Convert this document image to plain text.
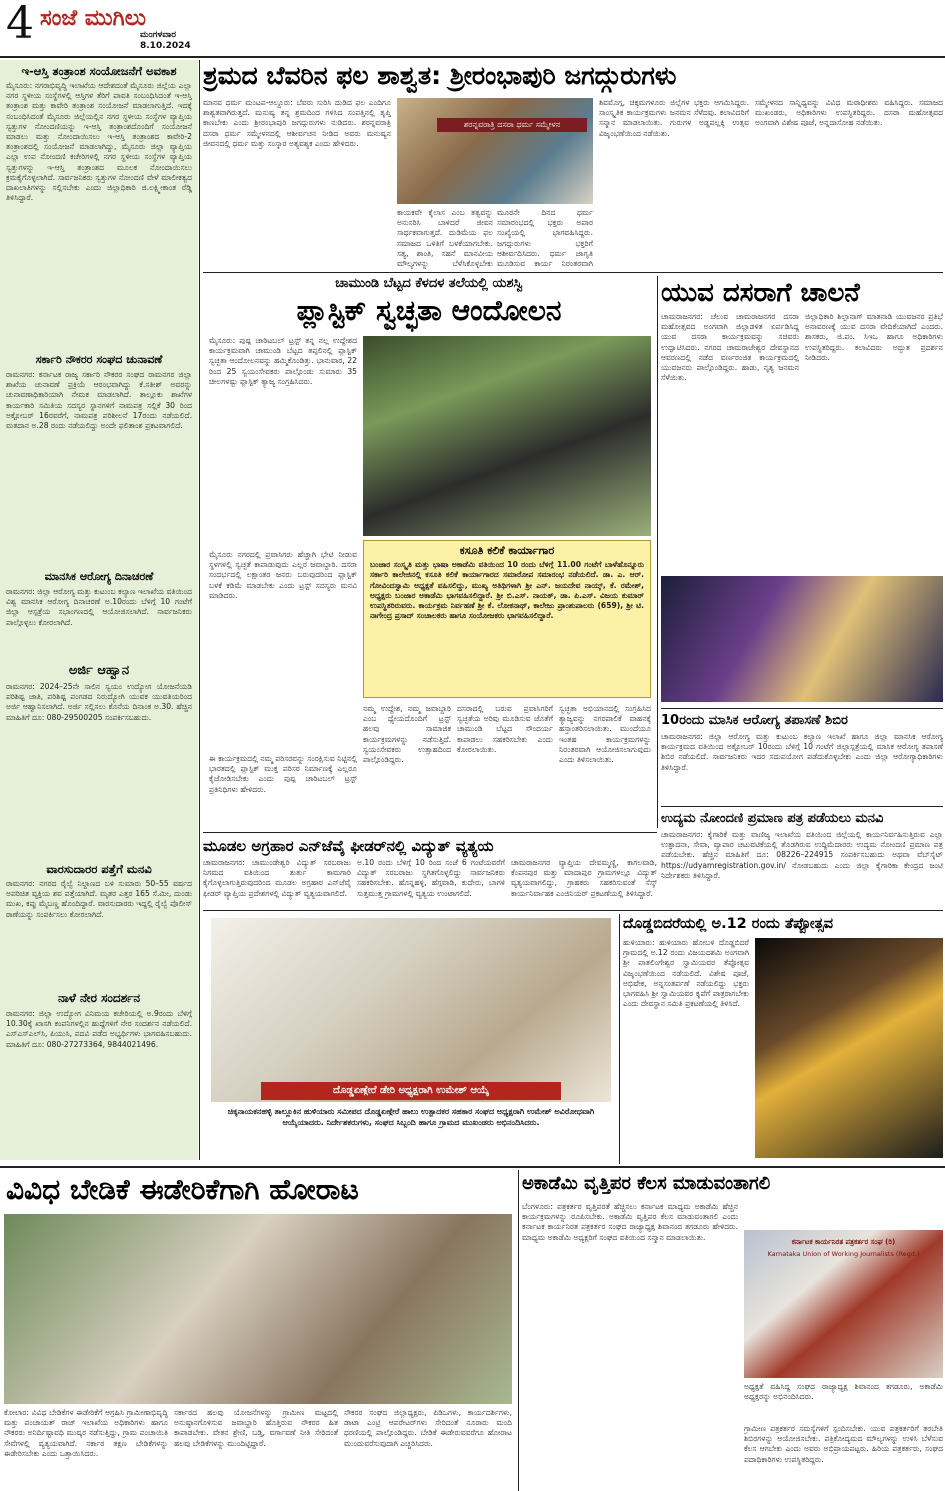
4 ಸಂಜೆ ಮುಗಿಲು
ಮಂಗಳವಾರ
8.10.2024
ಇ-ಆಸ್ತಿ ತಂತ್ರಾಂಶ ಸಂಯೋಜನೆಗೆ ಅವಕಾಶ
ಮೈಸೂರು: ನಗರಾಭಿವೃದ್ಧಿ ಇಲಾಖೆಯ ಆದೇಶದಂತೆ ಮೈಸೂರು ಜಿಲ್ಲೆಯ ಎಲ್ಲಾ ನಗರ ಸ್ಥಳೀಯ ಸಂಸ್ಥೆಗಳಲ್ಲಿ ಆಸ್ತಿಗಳ ತೆರಿಗೆ ಪಾವತಿ ಸಂಬಂಧಿಸಿದಂತೆ ಇ-ಆಸ್ತಿ ತಂತ್ರಾಂಶ ಮತ್ತು ಕಾವೇರಿ ತಂತ್ರಾಂಶ ಸಂಯೋಜನೆ ಮಾಡಲಾಗುತ್ತಿದೆ. ಇದಕ್ಕೆ ಸಂಬಂಧಿಸಿದಂತೆ ಮೈಸೂರು ಜಿಲ್ಲೆಯಲ್ಲಿನ ನಗರ ಸ್ಥಳೀಯ ಸಂಸ್ಥೆಗಳ ವ್ಯಾಪ್ತಿಯ ಸ್ವತ್ತುಗಳ ನೋಂದಣಿಯನ್ನು ಇ-ಆಸ್ತಿ ತಂತ್ರಾಂಶದೊಂದಿಗೆ ಸಂಯೋಜನೆ ಮಾಡಲು ಮತ್ತು ನೋಂದಾಯಿಸಲು ಇ-ಆಸ್ತಿ ತಂತ್ರಾಂಶದ ಕಾವೇರಿ-2 ತಂತ್ರಾಂಶದಲ್ಲಿ ಸಂಯೋಜನೆ ಮಾಡಲಾಗಿದ್ದು, ಮೈಸೂರು ಜಿಲ್ಲಾ ವ್ಯಾಪ್ತಿಯ ಎಲ್ಲಾ ಉಪ ನೋಂದಣಿ ಕಚೇರಿಗಳಲ್ಲಿ ನಗರ ಸ್ಥಳೀಯ ಸಂಸ್ಥೆಗಳ ವ್ಯಾಪ್ತಿಯ ಸ್ವತ್ತುಗಳನ್ನು ಇ-ಆಸ್ತಿ ತಂತ್ರಾಂಶದ ಮೂಲಕ ನೋಂದಾಯಿಸಲು ಕ್ರಮಕೈಗೊಳ್ಳಲಾಗಿದೆ. ಸಾರ್ವಜನಿಕರು ಸ್ವತ್ತುಗಳ ನೋಂದಣಿ ವೇಳೆ ಮಾಲೀಕತ್ವದ ದಾಖಲಾತಿಗಳನ್ನು ಸಲ್ಲಿಸಬೇಕು ಎಂದು ಜಿಲ್ಲಾಧಿಕಾರಿ ಜಿ.ಲಕ್ಷ್ಮೀಕಾಂತ ರೆಡ್ಡಿ ತಿಳಿಸಿದ್ದಾರೆ.
ಸರ್ಕಾರಿ ನೌಕರರ ಸಂಘದ ಚುನಾವಣೆ
ರಾಮನಗರ: ಕರ್ನಾಟಕ ರಾಜ್ಯ ಸರ್ಕಾರಿ ನೌಕರರ ಸಂಘದ ರಾಮನಗರ ಜಿಲ್ಲಾ ಶಾಖೆಯ ಚುನಾವಣೆ ಪ್ರಕ್ರಿಯೆ ಆರಂಭವಾಗಿದ್ದು ಕೆ.ಸತೀಶ್ ಅವರನ್ನು ಚುನಾವಣಾಧಿಕಾರಿಯಾಗಿ ನೇಮಕ ಮಾಡಲಾಗಿದೆ. ತಾಲ್ಲೂಕು ಶಾಖೆಗಳ ಕಾರ್ಯಕಾರಿ ಸಮಿತಿಯ ಸದಸ್ಯರ ಸ್ಥಾನಗಳಿಗೆ ನಾಮಪತ್ರ ಸಲ್ಲಿಕೆ 30 ರಿಂದ ಅಕ್ಟೋಬರ್ 16ರವರೆಗೆ, ನಾಮಪತ್ರ ಪರಿಶೀಲನೆ 17ರಂದು ನಡೆಯಲಿದೆ. ಮತದಾನ ಅ.28 ರಂದು ನಡೆಯಲಿದ್ದು ಅಂದೇ ಫಲಿತಾಂಶ ಪ್ರಕಟವಾಗಲಿದೆ.
ಮಾನಸಿಕ ಆರೋಗ್ಯ ದಿನಾಚರಣೆ
ರಾಮನಗರ: ಜಿಲ್ಲಾ ಆರೋಗ್ಯ ಮತ್ತು ಕುಟುಂಬ ಕಲ್ಯಾಣ ಇಲಾಖೆಯ ವತಿಯಿಂದ ವಿಶ್ವ ಮಾನಸಿಕ ಆರೋಗ್ಯ ದಿನಾಚರಣೆ ಅ.10ರಂದು ಬೆಳಿಗ್ಗೆ 10 ಗಂಟೆಗೆ ಜಿಲ್ಲಾ ಆಸ್ಪತ್ರೆಯ ಸಭಾಂಗಣದಲ್ಲಿ ಆಯೋಜಿಸಲಾಗಿದೆ. ಸಾರ್ವಜನಿಕರು ಪಾಲ್ಗೊಳ್ಳಲು ಕೋರಲಾಗಿದೆ.
ಅರ್ಜಿ ಆಹ್ವಾನ
ರಾಮನಗರ: 2024–25ನೇ ಸಾಲಿನ ಸ್ವಯಂ ಉದ್ಯೋಗ ಯೋಜನೆಯಡಿ ಪರಿಶಿಷ್ಟ ಜಾತಿ, ಪರಿಶಿಷ್ಟ ಪಂಗಡದ ನಿರುದ್ಯೋಗಿ ಯುವಕ ಯುವತಿಯರಿಂದ ಅರ್ಜಿ ಆಹ್ವಾನಿಸಲಾಗಿದೆ. ಅರ್ಜಿ ಸಲ್ಲಿಸಲು ಕೊನೆಯ ದಿನಾಂಕ ಅ.30. ಹೆಚ್ಚಿನ ಮಾಹಿತಿಗೆ ದೂ: 080-29500205 ಸಂಪರ್ಕಿಸಬಹುದು.
ವಾರಸುದಾರರ ಪತ್ತೆಗೆ ಮನವಿ
ರಾಮನಗರ: ನಗರದ ರೈಲ್ವೆ ನಿಲ್ದಾಣದ ಬಳಿ ಸುಮಾರು 50–55 ವರ್ಷದ ಅಪರಿಚಿತ ವ್ಯಕ್ತಿಯ ಶವ ಪತ್ತೆಯಾಗಿದೆ. ಮೃತರ ಎತ್ತರ 165 ಸೆ.ಮೀ, ದುಂಡು ಮುಖ, ಕಪ್ಪು ಮೈಬಣ್ಣ ಹೊಂದಿದ್ದಾರೆ. ವಾರಸುದಾರರು ಇದ್ದಲ್ಲಿ ರೈಲ್ವೆ ಪೊಲೀಸ್ ಠಾಣೆಯನ್ನು ಸಂಪರ್ಕಿಸಲು ಕೋರಲಾಗಿದೆ.
ನಾಳೆ ನೇರ ಸಂದರ್ಶನ
ರಾಮನಗರ: ಜಿಲ್ಲಾ ಉದ್ಯೋಗ ವಿನಿಮಯ ಕಚೇರಿಯಲ್ಲಿ ಅ.9ರಂದು ಬೆಳಿಗ್ಗೆ 10.30ಕ್ಕೆ ಖಾಸಗಿ ಕಂಪನಿಗಳಲ್ಲಿನ ಹುದ್ದೆಗಳಿಗೆ ನೇರ ಸಂದರ್ಶನ ನಡೆಯಲಿದೆ. ಎಸ್‌ಎಸ್‌ಎಲ್‌ಸಿ, ಪಿಯುಸಿ, ಪದವಿ ಪಡೆದ ಅಭ್ಯರ್ಥಿಗಳು ಭಾಗವಹಿಸಬಹುದು. ಮಾಹಿತಿಗೆ ದೂ: 080-27273364, 9844021496.
ಶ್ರಮದ ಬೆವರಿನ ಫಲ ಶಾಶ್ವತ: ಶ್ರೀರಂಭಾಪುರಿ ಜಗದ್ಗುರುಗಳು
ಮಾನವ ಧರ್ಮ ಮಂಟಪ-ಆಲ್ದೂರು: ಬೆವರು ಸುರಿಸಿ ದುಡಿದ ಫಲ ಎಂದಿಗೂ ಶಾಶ್ವತವಾಗಿರುತ್ತದೆ. ಮನುಷ್ಯ ತನ್ನ ಶ್ರಮದಿಂದ ಗಳಿಸಿದ ಸಂಪತ್ತಿನಲ್ಲಿ ತೃಪ್ತಿ ಕಾಣಬೇಕು ಎಂದು ಶ್ರೀರಂಭಾಪುರಿ ಜಗದ್ಗುರುಗಳು ನುಡಿದರು. ಶರನ್ನವರಾತ್ರಿ ದಸರಾ ಧರ್ಮ ಸಮ್ಮೇಳನದಲ್ಲಿ ಆಶೀರ್ವಚನ ನೀಡಿದ ಅವರು ಮನುಷ್ಯನ ಜೀವನದಲ್ಲಿ ಧರ್ಮ ಮತ್ತು ಸಂಸ್ಕಾರ ಅತ್ಯವಶ್ಯಕ ಎಂದು ಹೇಳಿದರು.
ಶರನ್ನವರಾತ್ರಿ ದಸರಾ ಧರ್ಮ ಸಮ್ಮೇಳನ
ಕಾಯಕವೇ ಕೈಲಾಸ ಎಂಬ ತತ್ವವನ್ನು ಅನುಸರಿಸಿ ಬಾಳಿದರೆ ಜೀವನ ಸಾರ್ಥಕವಾಗುತ್ತದೆ. ದುಡಿಮೆಯ ಫಲ ಸಮಾಜದ ಒಳಿತಿಗೆ ಬಳಕೆಯಾಗಬೇಕು. ಸತ್ಯ, ಶಾಂತಿ, ಸಹನೆ ಮಾನವೀಯ ಮೌಲ್ಯಗಳನ್ನು ಬೆಳೆಸಿಕೊಳ್ಳಬೇಕು
ಮೂರನೇ ದಿನದ ಧರ್ಮ ಸಮಾರಂಭದಲ್ಲಿ ಭಕ್ತರು ಅಪಾರ ಸಂಖ್ಯೆಯಲ್ಲಿ ಭಾಗವಹಿಸಿದ್ದರು. ಜಗದ್ಗುರುಗಳು ಭಕ್ತರಿಗೆ ಆಶೀರ್ವದಿಸಿದರು. ಧರ್ಮ ಜಾಗೃತಿ ಮೂಡಿಸುವ ಕಾರ್ಯ ನಿರಂತರವಾಗಿ
ಶಿವಮೊಗ್ಗ, ಚಿಕ್ಕಮಗಳೂರು ಜಿಲ್ಲೆಗಳ ಭಕ್ತರು ಆಗಮಿಸಿದ್ದರು. ಸಾಂಸ್ಕೃತಿಕ ಕಾರ್ಯಕ್ರಮಗಳು ಜನಮನ ಸೆಳೆದವು. ಕಲಾವಿದರಿಗೆ ಸನ್ಮಾನ ಮಾಡಲಾಯಿತು. ಗುರುಗಳ ಅಡ್ಡಪಲ್ಲಕ್ಕಿ ಉತ್ಸವ ವಿಜೃಂಭಣೆಯಿಂದ ನಡೆಯಿತು.
ಸಮ್ಮೇಳನದ ಸಾನ್ನಿಧ್ಯವನ್ನು ವಿವಿಧ ಮಠಾಧೀಶರು ವಹಿಸಿದ್ದರು. ಸಮಾಜದ ಮುಖಂಡರು, ಅಧಿಕಾರಿಗಳು ಉಪಸ್ಥಿತರಿದ್ದರು. ದಸರಾ ಮಹೋತ್ಸವದ ಅಂಗವಾಗಿ ವಿಶೇಷ ಪೂಜೆ, ಅನ್ನದಾಸೋಹ ನಡೆಯಿತು.
ಚಾಮುಂಡಿ ಬೆಟ್ಟದ ಕೆಳದಳ ತಲೆಯಲ್ಲಿ ಯಶಸ್ವಿ
ಪ್ಲಾಸ್ಟಿಕ್ ಸ್ವಚ್ಛತಾ ಆಂದೋಲನ
ಮೈಸೂರು: ಪುಷ್ಪ ಚಾರಿಟಬಲ್ ಟ್ರಸ್ಟ್ ತನ್ನ ನಲ್ಲ ಉದ್ದೇಶದ ಕಾರ್ಯಕ್ರಮವಾಗಿ ಚಾಮುಂಡಿ ಬೆಟ್ಟದ ತಪ್ಪಲಿನಲ್ಲಿ ಪ್ಲಾಸ್ಟಿಕ್ ಸ್ವಚ್ಛತಾ ಆಂದೋಲನವನ್ನು ಹಮ್ಮಿಕೊಂಡಿತ್ತು. ಭಾನುವಾರ, 22 ರಿಂದ 25 ಸ್ವಯಂಸೇವಕರು ಪಾಲ್ಗೊಂಡು ಸುಮಾರು 35 ಚೀಲಗಳಷ್ಟು ಪ್ಲಾಸ್ಟಿಕ್ ತ್ಯಾಜ್ಯ ಸಂಗ್ರಹಿಸಿದರು.
ಕಸೂತಿ ಕಲಿಕೆ ಕಾರ್ಯಾಗಾರ
ಬಂಜಾರ ಸಂಸ್ಕೃತಿ ಮತ್ತು ಭಾಷಾ ಅಕಾಡೆಮಿ ವತಿಯಿಂದ 10 ರಂದು ಬೆಳಿಗ್ಗೆ 11.00 ಗಂಟೆಗೆ ಬಾಳೆಹೊನ್ನೂರು ಸರ್ಕಾರಿ ಕಾಲೇಜಿನಲ್ಲಿ ಕಸೂತಿ ಕಲಿಕೆ ಕಾರ್ಯಾಗಾರದ ಸಮಾರೋಪ ಸಮಾರಂಭ ನಡೆಯಲಿದೆ. ಡಾ. ಎ. ಆರ್. ಗೋವಿಂದಸ್ವಾಮಿ ಅಧ್ಯಕ್ಷತೆ ವಹಿಸಲಿದ್ದು, ಮುಖ್ಯ ಅತಿಥಿಗಳಾಗಿ ಶ್ರೀ ಎನ್. ಜಯದೇವ ನಾಯ್ಕ್, ಕೆ. ರಮೇಶ್, ಅಧ್ಯಕ್ಷರು ಬಂಜಾರ ಅಕಾಡೆಮಿ ಭಾಗವಹಿಸಲಿದ್ದಾರೆ. ಶ್ರೀ ಬಿ.ಎಸ್. ನಾಯಕ್, ಡಾ. ಪಿ.ಎಸ್. ವಿಜಯ ಕುಮಾರ್ ಉಪಸ್ಥಿತರಿರುವರು. ಕಾರ್ಯಕ್ರಮ ನಿರ್ವಹಣೆ ಶ್ರೀ ಕೆ. ಲೋಕನಾಥ್, ಕಾಲೇಜು ಪ್ರಾಂಶುಪಾಲರು (659), ಶ್ರೀ ಟಿ. ನಾಗೇಂದ್ರ ಪ್ರಸಾದ್ ಸಂಚಾಲಕರು ಹಾಗೂ ಸಂಯೋಜಕರು ಭಾಗವಹಿಸಲಿದ್ದಾರೆ.
ಮೈಸೂರು ನಗರದಲ್ಲಿ ಪ್ರವಾಸಿಗರು ಹೆಚ್ಚಾಗಿ ಭೇಟಿ ನೀಡುವ ಸ್ಥಳಗಳಲ್ಲಿ ಸ್ವಚ್ಛತೆ ಕಾಪಾಡುವುದು ಎಲ್ಲರ ಜವಾಬ್ದಾರಿ. ದಸರಾ ಸಂದರ್ಭದಲ್ಲಿ ಲಕ್ಷಾಂತರ ಜನರು ಬರುವುದರಿಂದ ಪ್ಲಾಸ್ಟಿಕ್ ಬಳಕೆ ಕಡಿಮೆ ಮಾಡಬೇಕು ಎಂದು ಟ್ರಸ್ಟ್ ಸದಸ್ಯರು ಮನವಿ ಮಾಡಿದರು.
ಈ ಕಾರ್ಯಕ್ರಮದಲ್ಲಿ ನಮ್ಮ ಪರಿಸರವನ್ನು ಸಂರಕ್ಷಿಸುವ ನಿಟ್ಟಿನಲ್ಲಿ ಭಾರತದಲ್ಲಿ ಪ್ಲಾಸ್ಟಿಕ್ ಮುಕ್ತ ಪರಿಸರ ನಿರ್ಮಾಣಕ್ಕೆ ಎಲ್ಲರೂ ಕೈಜೋಡಿಸಬೇಕು ಎಂದು ಪುಷ್ಪ ಚಾರಿಟಬಲ್ ಟ್ರಸ್ಟ್ ಪ್ರತಿನಿಧಿಗಳು ಹೇಳಿದರು.
ನಮ್ಮ ಉದ್ದೇಶ, ನಮ್ಮ ಜವಾಬ್ದಾರಿ ಎಂಬ ಧ್ಯೇಯದೊಂದಿಗೆ ಟ್ರಸ್ಟ್ ಹಲವು ಸಾಮಾಜಿಕ ಕಾರ್ಯಕ್ರಮಗಳನ್ನು ನಡೆಸುತ್ತಿದೆ. ಸ್ವಯಂಸೇವಕರು ಉತ್ಸಾಹದಿಂದ ಪಾಲ್ಗೊಂಡಿದ್ದರು.
ದಸರಾದಲ್ಲಿ ಬರುವ ಪ್ರವಾಸಿಗರಿಗೆ ಸ್ವಚ್ಛತೆಯ ಅರಿವು ಮೂಡಿಸುವ ಜೊತೆಗೆ ಚಾಮುಂಡಿ ಬೆಟ್ಟದ ಸೌಂದರ್ಯ ಕಾಪಾಡಲು ಸಹಕರಿಸಬೇಕು ಎಂದು ಕೋರಲಾಯಿತು.
ಸ್ವಚ್ಛತಾ ಅಭಿಯಾನದಲ್ಲಿ ಸಂಗ್ರಹಿಸಿದ ತ್ಯಾಜ್ಯವನ್ನು ನಗರಪಾಲಿಕೆ ವಾಹನಕ್ಕೆ ಹಸ್ತಾಂತರಿಸಲಾಯಿತು. ಮುಂದೆಯೂ ಇಂತಹ ಕಾರ್ಯಕ್ರಮಗಳನ್ನು ನಿರಂತರವಾಗಿ ಆಯೋಜಿಸಲಾಗುವುದು ಎಂದು ತಿಳಿಸಲಾಯಿತು.
ಯುವ ದಸರಾಗೆ ಚಾಲನೆ
ಚಾಮರಾಜನಗರ: ಚೆಲುವ ಚಾಮರಾಜನಗರ ದಸರಾ ಮಹೋತ್ಸವದ ಅಂಗವಾಗಿ ಜಿಲ್ಲಾಡಳಿತ ಏರ್ಪಡಿಸಿದ್ದ ಯುವ ದಸರಾ ಕಾರ್ಯಕ್ರಮವನ್ನು ಸಚಿವರು ಉದ್ಘಾಟಿಸಿದರು. ನಗರದ ಚಾಮರಾಜೇಶ್ವರ ದೇವಸ್ಥಾನದ ಆವರಣದಲ್ಲಿ ನಡೆದ ವರ್ಣರಂಜಿತ ಕಾರ್ಯಕ್ರಮದಲ್ಲಿ ಯುವಜನರು ಪಾಲ್ಗೊಂಡಿದ್ದರು. ಹಾಡು, ನೃತ್ಯ ಜನಮನ ಸೆಳೆಯಿತು.
ಜಿಲ್ಲಾಧಿಕಾರಿ ಶಿಲ್ಪಾನಾಗ್ ಮಾತನಾಡಿ ಯುವಜನರ ಪ್ರತಿಭೆ ಅನಾವರಣಕ್ಕೆ ಯುವ ದಸರಾ ವೇದಿಕೆಯಾಗಿದೆ ಎಂದರು. ಶಾಸಕರು, ಜಿ.ಪಂ. ಸಿಇಒ ಹಾಗೂ ಅಧಿಕಾರಿಗಳು ಉಪಸ್ಥಿತರಿದ್ದರು. ಕಲಾವಿದರು ಅದ್ಭುತ ಪ್ರದರ್ಶನ ನೀಡಿದರು.
10ರಂದು ಮಾಸಿಕ ಆರೋಗ್ಯ ತಪಾಸಣೆ ಶಿಬಿರ
ಚಾಮರಾಜನಗರ: ಜಿಲ್ಲಾ ಆರೋಗ್ಯ ಮತ್ತು ಕುಟುಂಬ ಕಲ್ಯಾಣ ಇಲಾಖೆ ಹಾಗೂ ಜಿಲ್ಲಾ ಮಾನಸಿಕ ಆರೋಗ್ಯ ಕಾರ್ಯಕ್ರಮದ ವತಿಯಿಂದ ಅಕ್ಟೋಬರ್ 10ರಂದು ಬೆಳಿಗ್ಗೆ 10 ಗಂಟೆಗೆ ಜಿಲ್ಲಾಸ್ಪತ್ರೆಯಲ್ಲಿ ಮಾಸಿಕ ಆರೋಗ್ಯ ತಪಾಸಣೆ ಶಿಬಿರ ನಡೆಯಲಿದೆ. ಸಾರ್ವಜನಿಕರು ಇದರ ಸದುಪಯೋಗ ಪಡೆದುಕೊಳ್ಳಬೇಕು ಎಂದು ಜಿಲ್ಲಾ ಆರೋಗ್ಯಾಧಿಕಾರಿಗಳು ತಿಳಿಸಿದ್ದಾರೆ.
ಉದ್ಯಮ ನೋಂದಣಿ ಪ್ರಮಾಣ ಪತ್ರ ಪಡೆಯಲು ಮನವಿ
ಚಾಮರಾಜನಗರ: ಕೈಗಾರಿಕೆ ಮತ್ತು ವಾಣಿಜ್ಯ ಇಲಾಖೆಯ ವತಿಯಿಂದ ಜಿಲ್ಲೆಯಲ್ಲಿ ಕಾರ್ಯನಿರ್ವಹಿಸುತ್ತಿರುವ ಎಲ್ಲಾ ಉತ್ಪಾದನಾ, ಸೇವಾ, ವ್ಯಾಪಾರ ಚಟುವಟಿಕೆಯಲ್ಲಿ ತೊಡಗಿರುವ ಉದ್ದಿಮೆದಾರರು ಉದ್ಯಮ ನೋಂದಣಿ ಪ್ರಮಾಣ ಪತ್ರ ಪಡೆಯಬೇಕು. ಹೆಚ್ಚಿನ ಮಾಹಿತಿಗೆ ದೂ: 08226–224915 ಸಂಪರ್ಕಿಸಬಹುದು ಅಥವಾ ವೆಬ್‌ಸೈಟ್ https://udyamregistration.gov.in/ ನೋಡಬಹುದು ಎಂದು ಜಿಲ್ಲಾ ಕೈಗಾರಿಕಾ ಕೇಂದ್ರದ ಜಂಟಿ ನಿರ್ದೇಶಕರು ತಿಳಿಸಿದ್ದಾರೆ.
ಮೂಡಲ ಅಗ್ರಹಾರ ಎನ್‌ಜೆವೈ ಫೀಡರ್‌ನಲ್ಲಿ ವಿದ್ಯುತ್ ವ್ಯತ್ಯಯ
ಚಾಮರಾಜನಗರ: ಚಾಮುಂಡೇಶ್ವರಿ ವಿದ್ಯುತ್ ಸರಬರಾಜು ನಿಗಮದ ವತಿಯಿಂದ ತುರ್ತು ಕಾಮಗಾರಿ ಕೈಗೊಳ್ಳಲಾಗುತ್ತಿರುವುದರಿಂದ ಮೂಡಲ ಅಗ್ರಹಾರ ಎನ್‌ಜೆವೈ ಫೀಡರ್ ವ್ಯಾಪ್ತಿಯ ಪ್ರದೇಶಗಳಲ್ಲಿ ವಿದ್ಯುತ್ ವ್ಯತ್ಯಯವಾಗಲಿದೆ.
ಅ.10 ರಂದು ಬೆಳಿಗ್ಗೆ 10 ರಿಂದ ಸಂಜೆ 6 ಗಂಟೆಯವರೆಗೆ ವಿದ್ಯುತ್ ಸರಬರಾಜು ಸ್ಥಗಿತಗೊಳ್ಳಲಿದ್ದು ಸಾರ್ವಜನಿಕರು ಸಹಕರಿಸಬೇಕು. ಹೊನ್ನಹಳ್ಳಿ, ಹೆಗ್ಗವಾಡಿ, ಕುದೇರು, ಬಾಗಳಿ ಸುತ್ತಮುತ್ತ ಗ್ರಾಮಗಳಲ್ಲಿ ವ್ಯತ್ಯಯ ಉಂಟಾಗಲಿದೆ.
ಚಾಮರಾಜನಗರ ವ್ಯಾಪ್ತಿಯ ದೇವಮ್ಮಣ್ಣಿ, ಕಾಗಲವಾಡಿ, ಕೆಂಪನಪುರ ಮತ್ತು ಮಾದಾಪುರ ಗ್ರಾಮಗಳಲ್ಲೂ ವಿದ್ಯುತ್ ವ್ಯತ್ಯಯವಾಗಲಿದ್ದು, ಗ್ರಾಹಕರು ಸಹಕರಿಸುವಂತೆ ಸೆಸ್ಕ್ ಕಾರ್ಯನಿರ್ವಾಹಕ ಎಂಜಿನಿಯರ್ ಪ್ರಕಟಣೆಯಲ್ಲಿ ತಿಳಿಸಿದ್ದಾರೆ.
ದೊಡ್ಡಏಣ್ಗೇರೆ ಡೇರಿ ಅಧ್ಯಕ್ಷರಾಗಿ ಉಮೇಶ್ ಆಯ್ಕೆ
ಚಿಕ್ಕನಾಯಕನಹಳ್ಳಿ ತಾಲ್ಲೂಕಿನ ಹುಳಿಯಾರು ಸಮೀಪದ ದೊಡ್ಡಏಣ್ಗೇರೆ ಹಾಲು ಉತ್ಪಾದಕರ ಸಹಕಾರ ಸಂಘದ ಅಧ್ಯಕ್ಷರಾಗಿ ಉಮೇಶ್ ಅವಿರೋಧವಾಗಿ ಆಯ್ಕೆಯಾದರು. ನಿರ್ದೇಶಕರುಗಳು, ಸಂಘದ ಸಿಬ್ಬಂದಿ ಹಾಗೂ ಗ್ರಾಮದ ಮುಖಂಡರು ಅಭಿನಂದಿಸಿದರು.
ದೊಡ್ಡಬಿದರೆಯಲ್ಲಿ ಅ.12 ರಂದು ತೆಪ್ಪೋತ್ಸವ
ಹುಳಿಯಾರು: ಹುಳಿಯಾರು ಹೋಬಳಿ ದೊಡ್ಡಬಿದರೆ ಗ್ರಾಮದಲ್ಲಿ ಅ.12 ರಂದು ವಿಜಯದಶಮಿ ಅಂಗವಾಗಿ ಶ್ರೀ ಪಾತಲಿಂಗೇಶ್ವರ ಸ್ವಾಮಿಯವರ ತೆಪ್ಪೋತ್ಸವ ವಿಜೃಂಭಣೆಯಿಂದ ನಡೆಯಲಿದೆ. ವಿಶೇಷ ಪೂಜೆ, ಅಭಿಷೇಕ, ಅನ್ನಸಂತರ್ಪಣೆ ನಡೆಯಲಿದ್ದು ಭಕ್ತರು ಭಾಗವಹಿಸಿ ಶ್ರೀ ಸ್ವಾಮಿಯವರ ಕೃಪೆಗೆ ಪಾತ್ರರಾಗಬೇಕು ಎಂದು ದೇವಸ್ಥಾನ ಸಮಿತಿ ಪ್ರಕಟಣೆಯಲ್ಲಿ ತಿಳಿಸಿದೆ.
ವಿವಿಧ ಬೇಡಿಕೆ ಈಡೇರಿಕೆಗಾಗಿ ಹೋರಾಟ
ಕೋಲಾರ: ವಿವಿಧ ಬೇಡಿಕೆಗಳ ಈಡೇರಿಕೆಗೆ ಆಗ್ರಹಿಸಿ ಗ್ರಾಮೀಣಾಭಿವೃದ್ಧಿ ಮತ್ತು ಪಂಚಾಯತ್ ರಾಜ್ ಇಲಾಖೆಯ ಅಧಿಕಾರಿಗಳು ಹಾಗೂ ನೌಕರರು ಅನಿರ್ದಿಷ್ಟಾವಧಿ ಮುಷ್ಕರ ನಡೆಸುತ್ತಿದ್ದು, ಗ್ರಾಮ ಪಂಚಾಯಿತಿ ಸೇವೆಗಳಲ್ಲಿ ವ್ಯತ್ಯಯವಾಗಿದೆ. ಸರ್ಕಾರ ತಕ್ಷಣ ಬೇಡಿಕೆಗಳನ್ನು ಈಡೇರಿಸಬೇಕು ಎಂದು ಒತ್ತಾಯಿಸಿದರು.
ಸರ್ಕಾರದ ಹಲವು ಯೋಜನೆಗಳನ್ನು ಗ್ರಾಮೀಣ ಮಟ್ಟದಲ್ಲಿ ಅನುಷ್ಠಾನಗೊಳಿಸುವ ಜವಾಬ್ದಾರಿ ಹೊತ್ತಿರುವ ನೌಕರರ ಹಿತ ಕಾಪಾಡಬೇಕು. ವೇತನ ಶ್ರೇಣಿ, ಬಡ್ತಿ, ವರ್ಗಾವಣೆ ನೀತಿ ಸೇರಿದಂತೆ ಹಲವು ಬೇಡಿಕೆಗಳನ್ನು ಮುಂದಿಟ್ಟಿದ್ದಾರೆ.
ನೌಕರರ ಸಂಘದ ಜಿಲ್ಲಾಧ್ಯಕ್ಷರು, ಪಿಡಿಒಗಳು, ಕಾರ್ಯದರ್ಶಿಗಳು, ಡಾಟಾ ಎಂಟ್ರಿ ಆಪರೇಟರ್‌ಗಳು ಸೇರಿದಂತೆ ನೂರಾರು ಮಂದಿ ಧರಣಿಯಲ್ಲಿ ಪಾಲ್ಗೊಂಡಿದ್ದರು. ಬೇಡಿಕೆ ಈಡೇರುವವರೆಗೂ ಹೋರಾಟ ಮುಂದುವರೆಸುವುದಾಗಿ ಎಚ್ಚರಿಸಿದರು.
ಅಕಾಡೆಮಿ ವೃತ್ತಿಪರ ಕೆಲಸ ಮಾಡುವಂತಾಗಲಿ
ಬೆಂಗಳೂರು: ಪತ್ರಕರ್ತರ ವೃತ್ತಿಪರತೆ ಹೆಚ್ಚಿಸಲು ಕರ್ನಾಟಕ ಮಾಧ್ಯಮ ಅಕಾಡೆಮಿ ಹೆಚ್ಚಿನ ಕಾರ್ಯಕ್ರಮಗಳನ್ನು ರೂಪಿಸಬೇಕು. ಅಕಾಡೆಮಿ ವೃತ್ತಿಪರ ಕೆಲಸ ಮಾಡುವಂತಾಗಲಿ ಎಂದು ಕರ್ನಾಟಕ ಕಾರ್ಯನಿರತ ಪತ್ರಕರ್ತರ ಸಂಘದ ರಾಜ್ಯಾಧ್ಯಕ್ಷ ಶಿವಾನಂದ ತಗಡೂರು ಹೇಳಿದರು. ಮಾಧ್ಯಮ ಅಕಾಡೆಮಿ ಅಧ್ಯಕ್ಷರಿಗೆ ಸಂಘದ ವತಿಯಿಂದ ಸನ್ಮಾನ ಮಾಡಲಾಯಿತು.
ಕರ್ನಾಟಕ ಕಾರ್ಯನಿರತ ಪತ್ರಕರ್ತರ ಸಂಘ (ರಿ)
Karnataka Union of Working Journalists (Regd.)
ಅಧ್ಯಕ್ಷತೆ ವಹಿಸಿದ್ದ ಸಂಘದ ರಾಜ್ಯಾಧ್ಯಕ್ಷ ಶಿವಾನಂದ ತಗಡೂರು, ಅಕಾಡೆಮಿ ಅಧ್ಯಕ್ಷರನ್ನು ಅಭಿನಂದಿಸಿದರು.
ಗ್ರಾಮೀಣ ಪತ್ರಕರ್ತರ ಸಮಸ್ಯೆಗಳಿಗೆ ಸ್ಪಂದಿಸಬೇಕು. ಯುವ ಪತ್ರಕರ್ತರಿಗೆ ತರಬೇತಿ ಶಿಬಿರಗಳನ್ನು ಆಯೋಜಿಸಬೇಕು. ಪತ್ರಿಕೋದ್ಯಮದ ಮೌಲ್ಯಗಳನ್ನು ಉಳಿಸಿ ಬೆಳೆಸುವ ಕೆಲಸ ಆಗಬೇಕು ಎಂದು ಅವರು ಅಭಿಪ್ರಾಯಪಟ್ಟರು. ಹಿರಿಯ ಪತ್ರಕರ್ತರು, ಸಂಘದ ಪದಾಧಿಕಾರಿಗಳು ಉಪಸ್ಥಿತರಿದ್ದರು.
